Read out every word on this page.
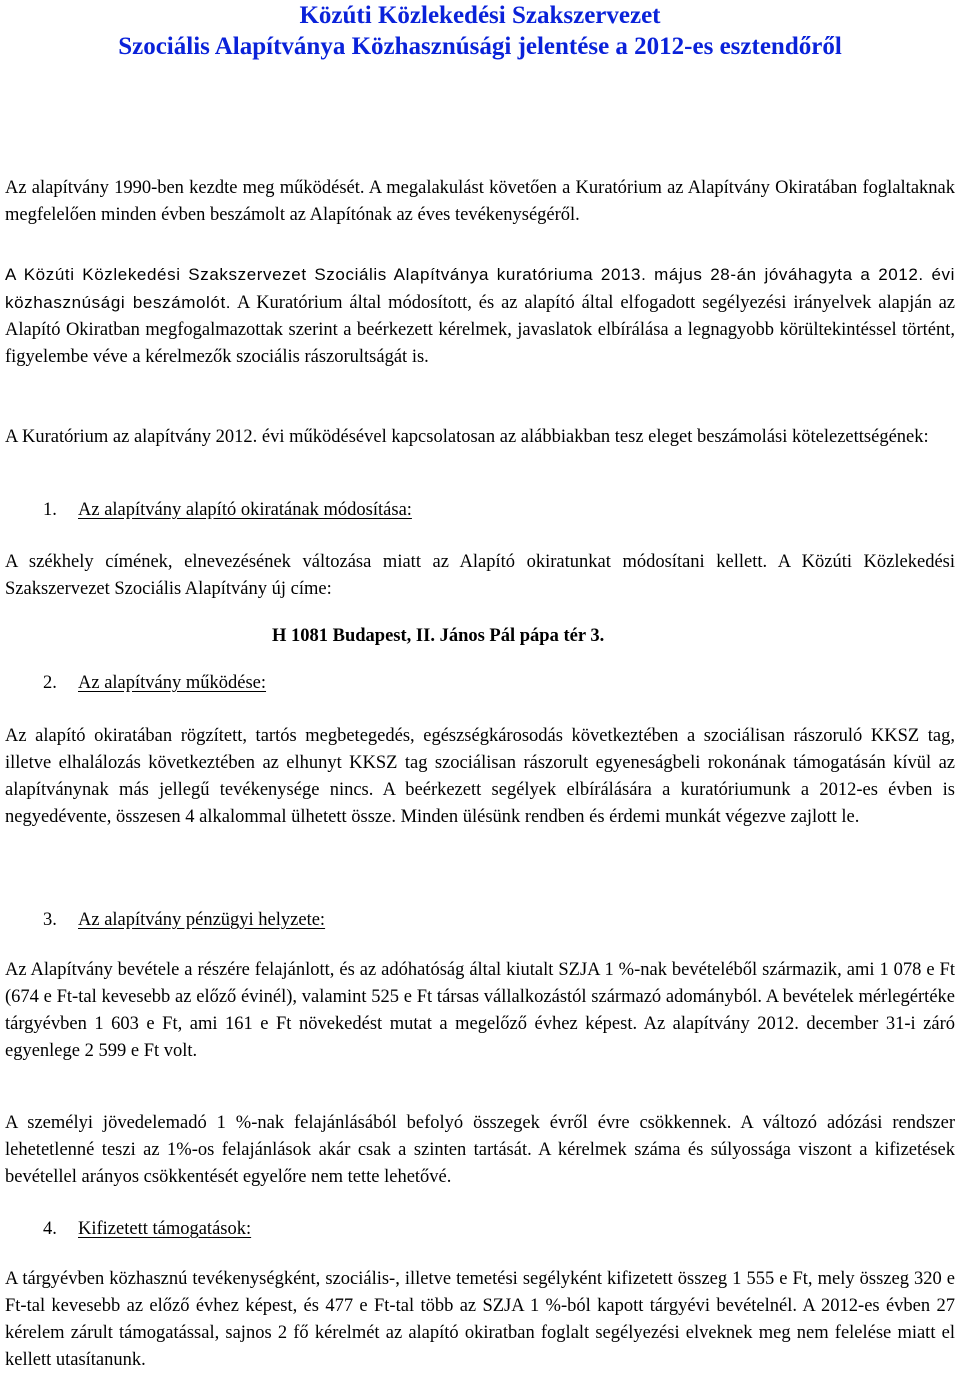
Közúti Közlekedési Szakszervezet
Szociális Alapítványa Közhasznúsági jelentése a 2012-es esztendőről
Az alapítvány 1990-ben kezdte meg működését. A megalakulást követően a Kuratórium az Alapítvány Okiratában foglaltaknak megfelelően minden évben beszámolt az Alapítónak az éves tevékenységéről.
A Közúti Közlekedési Szakszervezet Szociális Alapítványa kuratóriuma 2013. május 28-án jóváhagyta a 2012. évi közhasznúsági beszámolót. A Kuratórium által módosított, és az alapító által elfogadott segélyezési irányelvek alapján az Alapító Okiratban megfogalmazottak szerint a beérkezett kérelmek, javaslatok elbírálása a legnagyobb körültekintéssel történt, figyelembe véve a kérelmezők szociális rászorultságát is.
A Kuratórium az alapítvány 2012. évi működésével kapcsolatosan az alábbiakban tesz eleget beszámolási kötelezettségének:
1. Az alapítvány alapító okiratának módosítása:
A székhely címének, elnevezésének változása miatt az Alapító okiratunkat módosítani kellett. A Közúti Közlekedési Szakszervezet Szociális Alapítvány új címe:
H 1081 Budapest, II. János Pál pápa tér 3.
2. Az alapítvány működése:
Az alapító okiratában rögzített, tartós megbetegedés, egészségkárosodás következtében a szociálisan rászoruló KKSZ tag, illetve elhalálozás következtében az elhunyt KKSZ tag szociálisan rászorult egyeneságbeli rokonának támogatásán kívül az alapítványnak más jellegű tevékenysége nincs. A beérkezett segélyek elbírálására a kuratóriumunk a 2012-es évben is negyedévente, összesen 4 alkalommal ülhetett össze. Minden ülésünk rendben és érdemi munkát végezve zajlott le.
3. Az alapítvány pénzügyi helyzete:
Az Alapítvány bevétele a részére felajánlott, és az adóhatóság által kiutalt SZJA 1 %-nak bevételéből származik, ami 1 078 e Ft (674 e Ft-tal kevesebb az előző évinél), valamint 525 e Ft társas vállalkozástól származó adományból. A bevételek mérlegértéke tárgyévben 1 603 e Ft, ami 161 e Ft növekedést mutat a megelőző évhez képest. Az alapítvány 2012. december 31-i záró egyenlege 2 599 e Ft volt.
A személyi jövedelemadó 1 %-nak felajánlásából befolyó összegek évről évre csökkennek. A változó adózási rendszer lehetetlenné teszi az 1%-os felajánlások akár csak a szinten tartását. A kérelmek száma és súlyossága viszont a kifizetések bevétellel arányos csökkentését egyelőre nem tette lehetővé.
4. Kifizetett támogatások:
A tárgyévben közhasznú tevékenységként, szociális-, illetve temetési segélyként kifizetett összeg 1 555 e Ft, mely összeg 320 e Ft-tal kevesebb az előző évhez képest, és 477 e Ft-tal több az SZJA 1 %-ból kapott tárgyévi bevételnél. A 2012-es évben 27 kérelem zárult támogatással, sajnos 2 fő kérelmét az alapító okiratban foglalt segélyezési elveknek meg nem felelése miatt el kellett utasítanunk.
